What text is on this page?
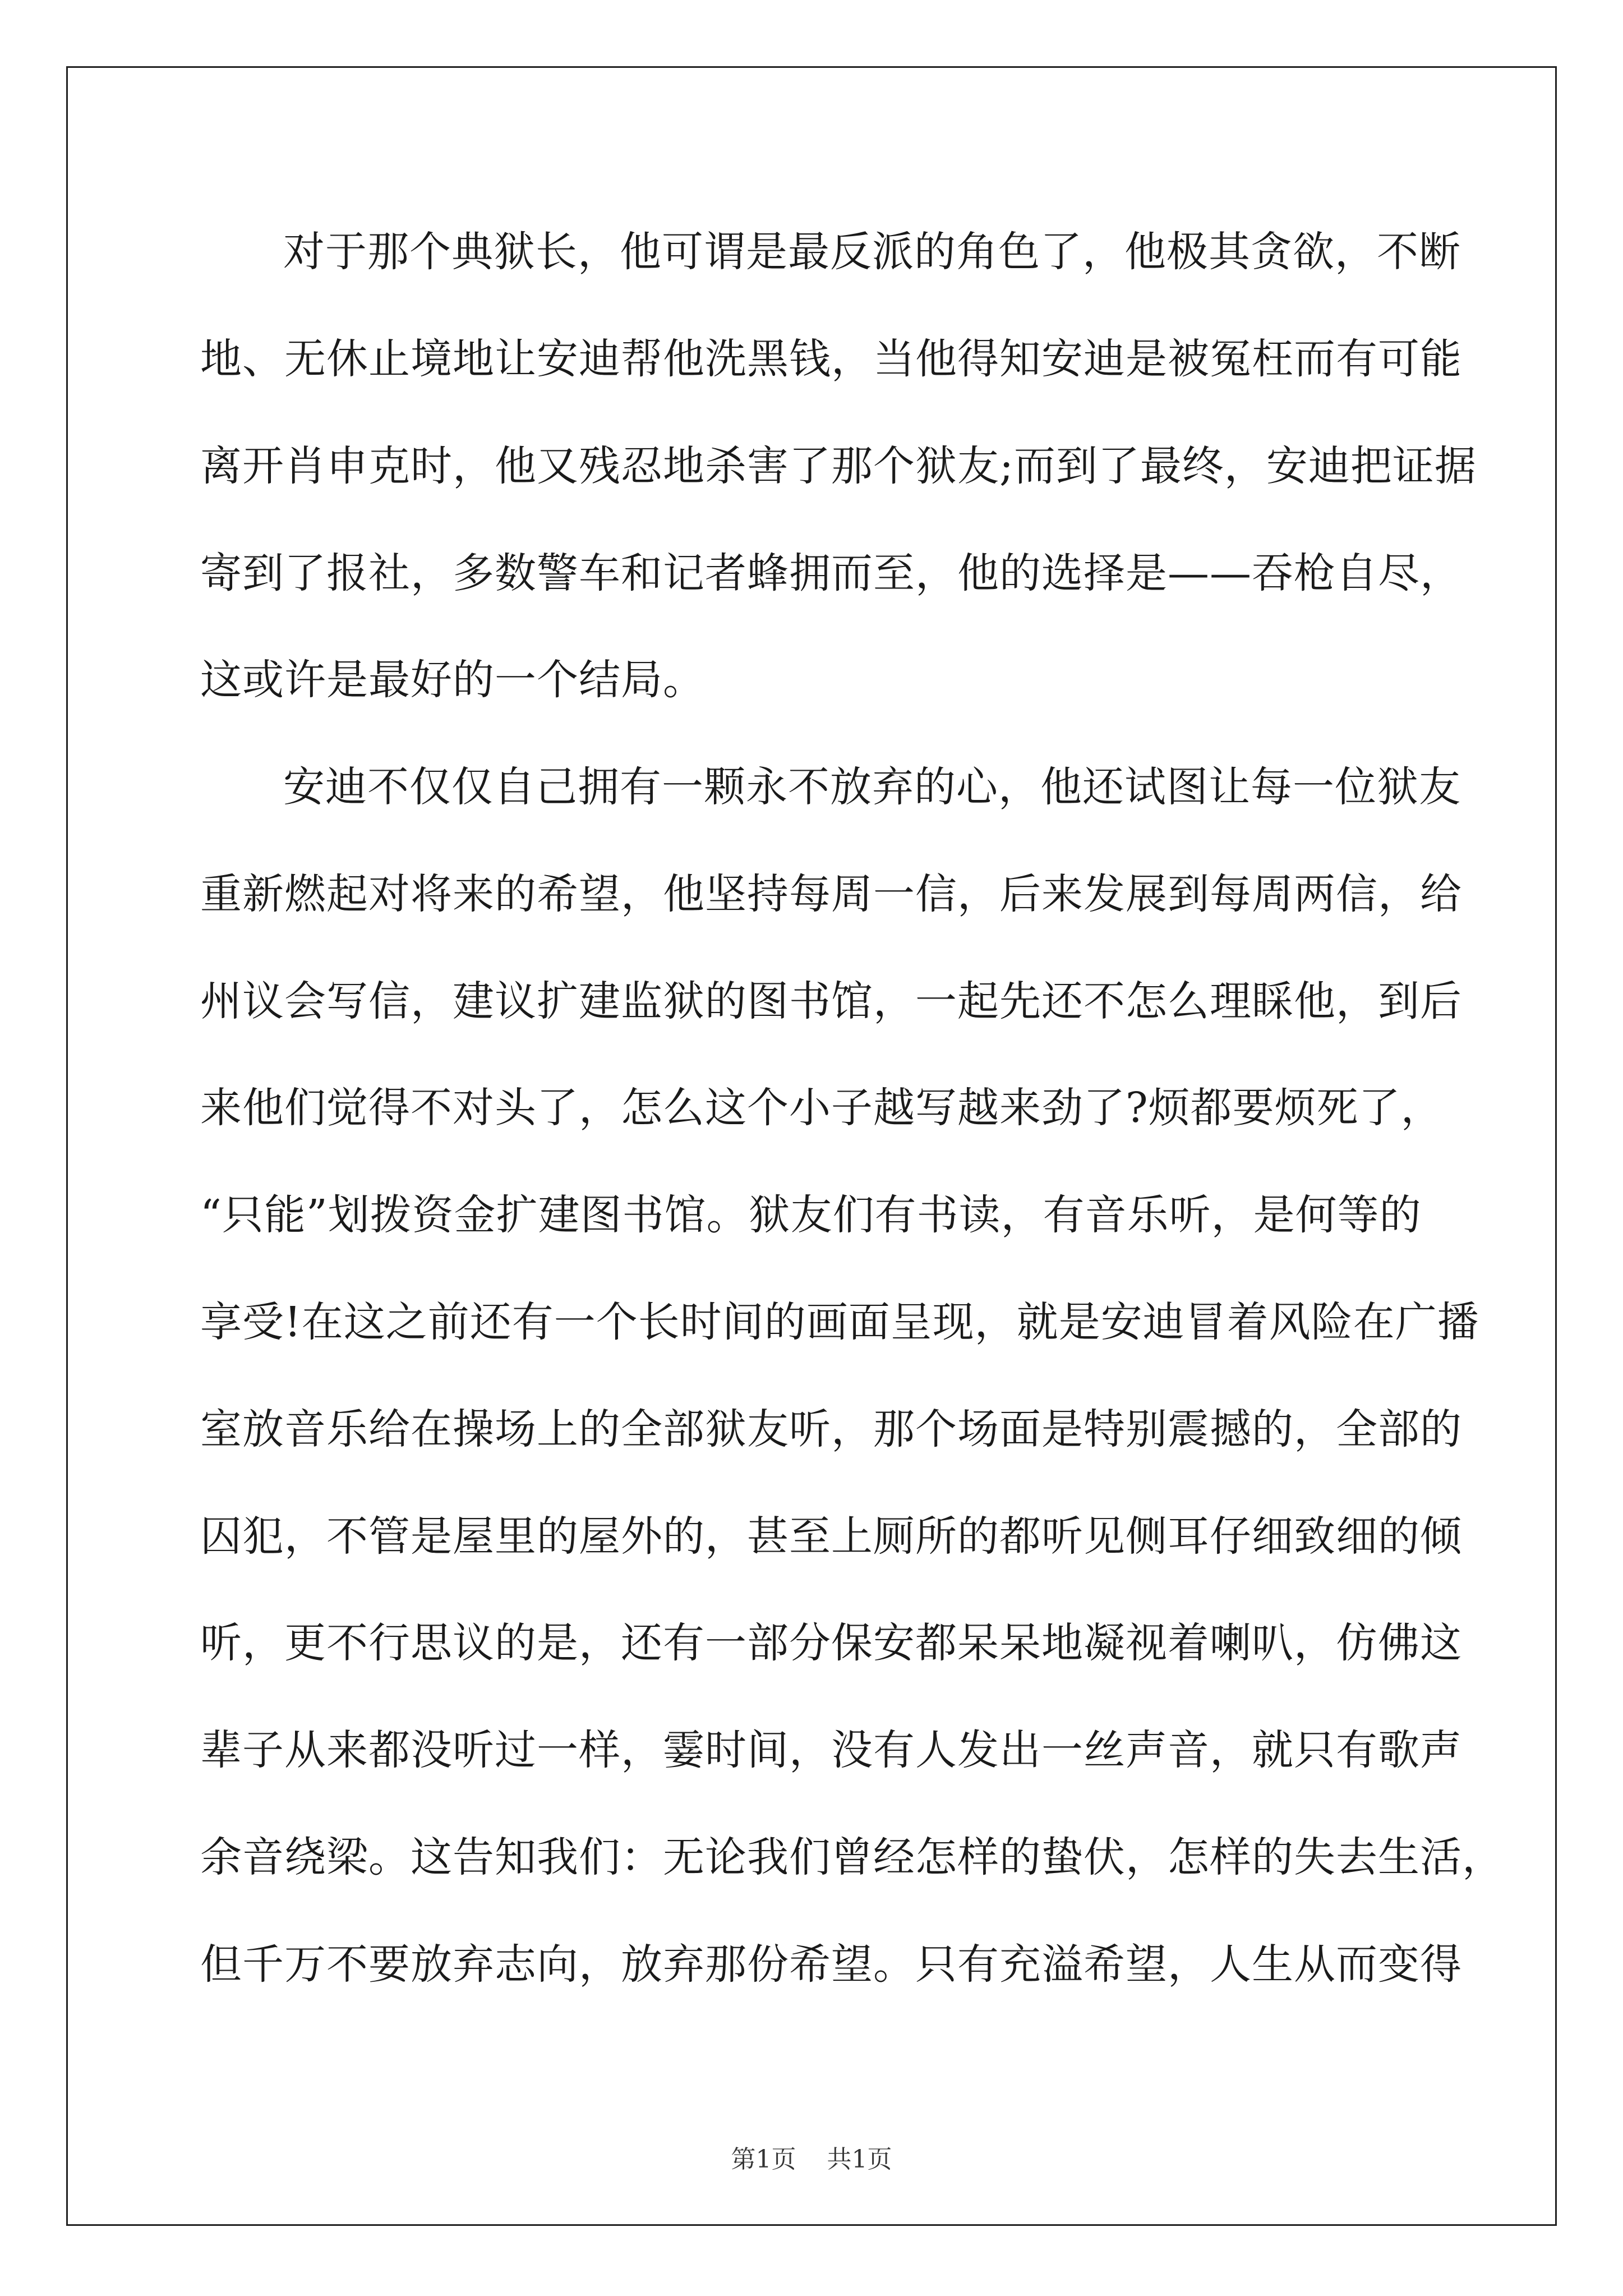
对于那个典狱长，他可谓是最反派的角色了，他极其贪欲，不断
地、无休止境地让安迪帮他洗黑钱，当他得知安迪是被冤枉而有可能
离开肖申克时，他又残忍地杀害了那个狱友;而到了最终，安迪把证据
寄到了报社，多数警车和记者蜂拥而至，他的选择是——吞枪自尽，
这或许是最好的一个结局。
安迪不仅仅自己拥有一颗永不放弃的心，他还试图让每一位狱友
重新燃起对将来的希望，他坚持每周一信，后来发展到每周两信，给
州议会写信，建议扩建监狱的图书馆，一起先还不怎么理睬他，到后
来他们觉得不对头了，怎么这个小子越写越来劲了?烦都要烦死了，
“只能”划拨资金扩建图书馆。狱友们有书读，有音乐听，是何等的
享受!在这之前还有一个长时间的画面呈现，就是安迪冒着风险在广播
室放音乐给在操场上的全部狱友听，那个场面是特别震撼的，全部的
囚犯，不管是屋里的屋外的，甚至上厕所的都听见侧耳仔细致细的倾
听，更不行思议的是，还有一部分保安都呆呆地凝视着喇叭，仿佛这
辈子从来都没听过一样，霎时间，没有人发出一丝声音，就只有歌声
余音绕梁。这告知我们：无论我们曾经怎样的蛰伏，怎样的失去生活，
但千万不要放弃志向，放弃那份希望。只有充溢希望，人生从而变得
第1页 共1页
